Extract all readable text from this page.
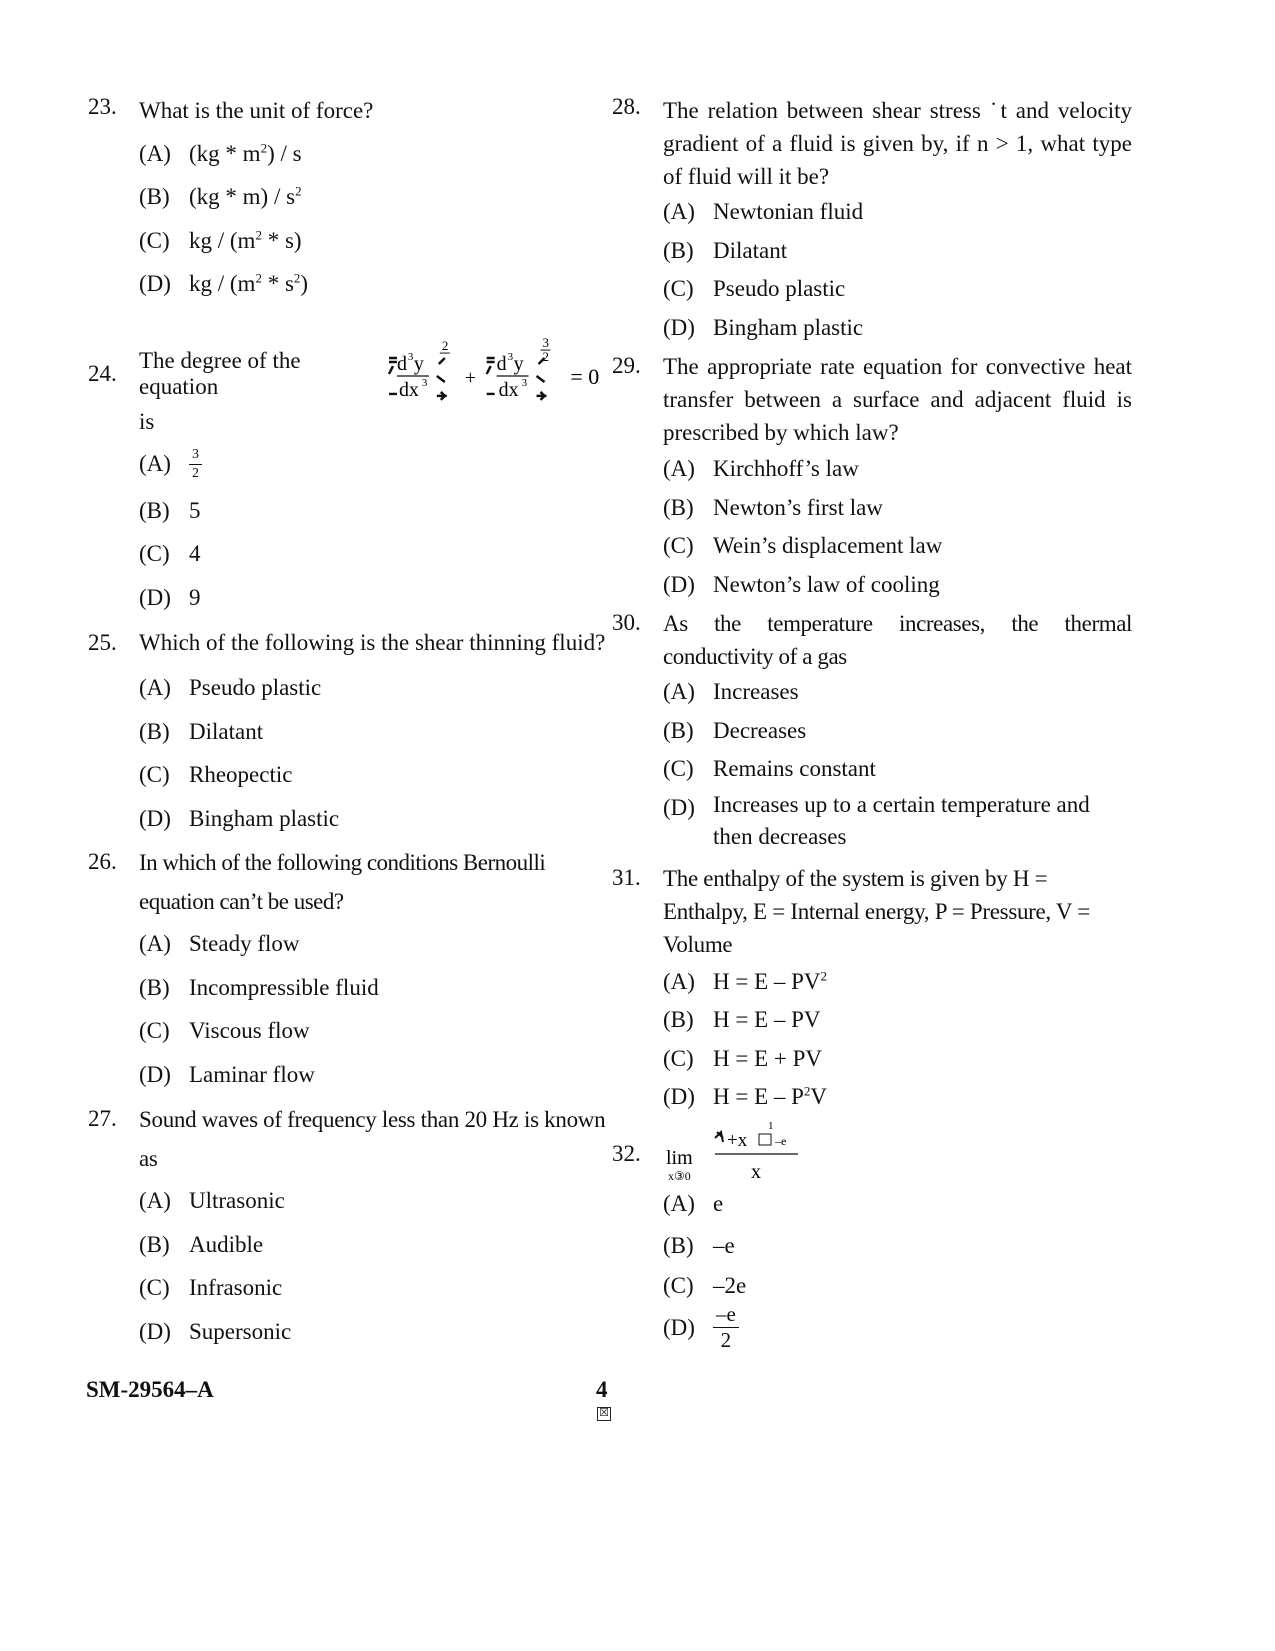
23. What is the unit of force?
(A) $(kg * m^2)$ / s
(B) $(kg * m) / s^2$
(C) kg / $(m^2 * s)$
(D) kg / $(m^2 * s^2)$
24.
The degree of the equation
d 3 y
dx 3
2
+
d 3 y
dx 3
3
2
= 0
is
(A)	$\frac{3}{2}$
(B) 5
(C) 4
(D) 9
25. Which of the following is the shear thinning fluid?
(A) Pseudo plastic
(B) Dilatant
(C) Rheopectic
(D) Bingham plastic
26. In which of the following conditions Bernoulli equation can’t be used?
(A) Steady flow
(B) Incompressible fluid
(C) Viscous flow
(D) Laminar flow
27. Sound waves of frequency less than 20 Hz is known as
(A) Ultrasonic
(B) Audible
(C) Infrasonic
(D) Supersonic
28. The relation between shear stress ˙t and velocity gradient of a fluid is given by, if n > 1, what type of fluid will it be?
(A) Newtonian fluid
(B) Dilatant
(C) Pseudo plastic
(D) Bingham plastic
29. The appropriate rate equation for convective heat transfer between a surface and adjacent fluid is prescribed by which law?
(A) Kirchhoff’s law
(B) Newton’s first law
(C) Wein’s displacement law
(D) Newton’s law of cooling
30. As the temperature increases, the thermal conductivity of a gas
(A) Increases
(B) Decreases
(C) Remains constant
(D) Increases up to a certain temperature and then decreases
31. The enthalpy of the system is given by H = Enthalpy, E = Internal energy, P = Pressure, V = Volume
(A) $H = E - PV^2$
(B) H = E – PV
(C) H = E + PV
(D) $H = E - P^2V$
32.	lim
x③0
+x
1
–e
x
(A) e
(B) –e
(C) –2e
$(D) \frac{-e}{2}$
SM-29564–A	4
☒
